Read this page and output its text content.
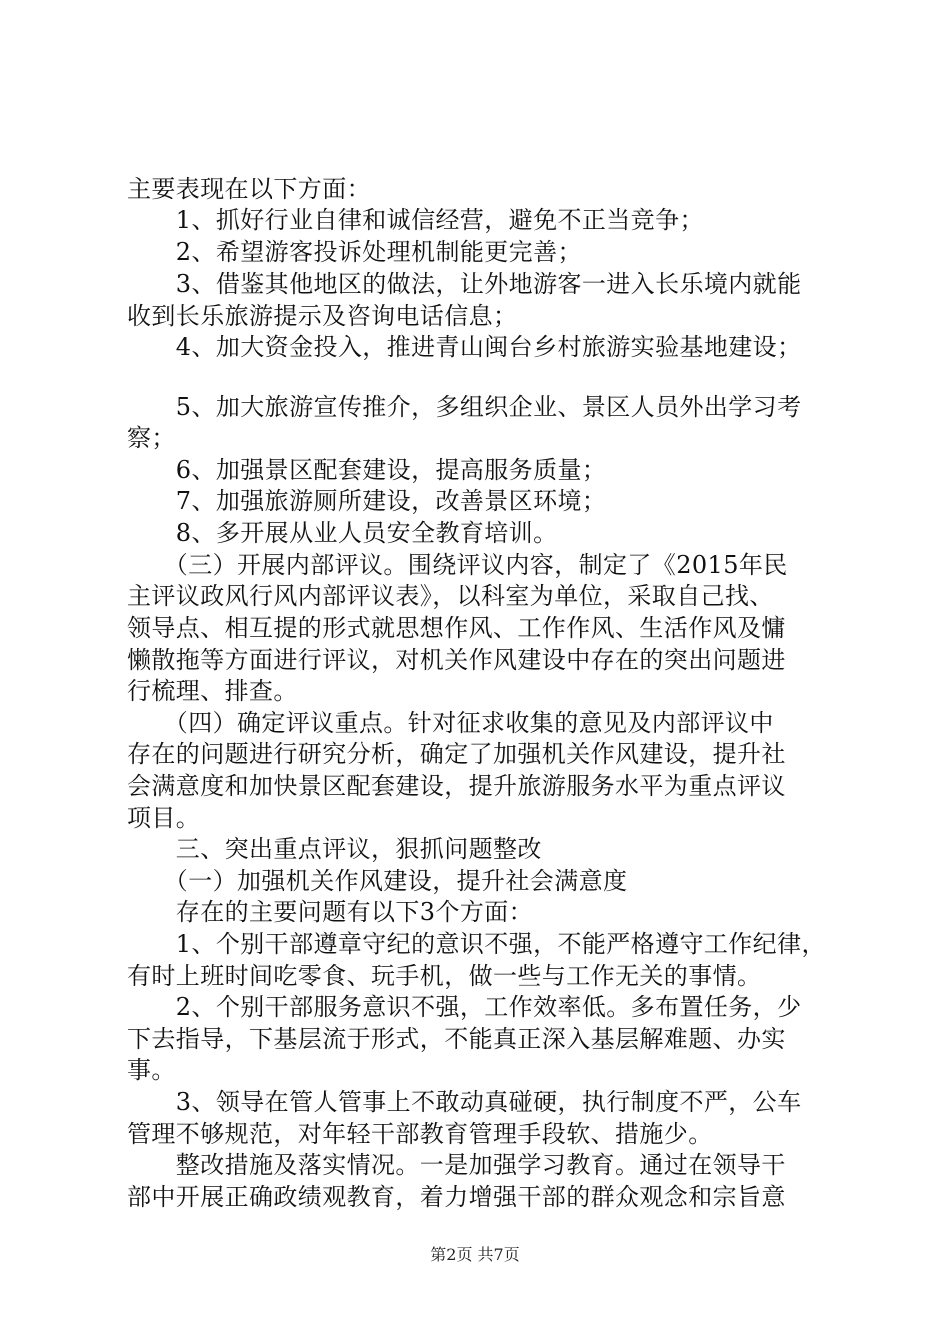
主要表现在以下方面：
　　1、抓好行业自律和诚信经营，避免不正当竞争；
　　2、希望游客投诉处理机制能更完善；
　　3、借鉴其他地区的做法，让外地游客一进入长乐境内就能
收到长乐旅游提示及咨询电话信息；
　　4、加大资金投入，推进青山闽台乡村旅游实验基地建设；
　　5、加大旅游宣传推介，多组织企业、景区人员外出学习考
察；
　　6、加强景区配套建设，提高服务质量；
　　7、加强旅游厕所建设，改善景区环境；
　　8、多开展从业人员安全教育培训。
　　（三）开展内部评议。围绕评议内容，制定了《2015年民
主评议政风行风内部评议表》，以科室为单位，采取自己找、
领导点、相互提的形式就思想作风、工作作风、生活作风及慵
懒散拖等方面进行评议，对机关作风建设中存在的突出问题进
行梳理、排查。
　　（四）确定评议重点。针对征求收集的意见及内部评议中
存在的问题进行研究分析，确定了加强机关作风建设，提升社
会满意度和加快景区配套建设，提升旅游服务水平为重点评议
项目。
　　三、突出重点评议，狠抓问题整改
　　（一）加强机关作风建设，提升社会满意度
　　存在的主要问题有以下3个方面：
　　1、个别干部遵章守纪的意识不强，不能严格遵守工作纪律，
有时上班时间吃零食、玩手机，做一些与工作无关的事情。
　　2、个别干部服务意识不强，工作效率低。多布置任务，少
下去指导，下基层流于形式，不能真正深入基层解难题、办实
事。
　　3、领导在管人管事上不敢动真碰硬，执行制度不严，公车
管理不够规范，对年轻干部教育管理手段软、措施少。
　　整改措施及落实情况。一是加强学习教育。通过在领导干
部中开展正确政绩观教育，着力增强干部的群众观念和宗旨意
第2页 共7页
